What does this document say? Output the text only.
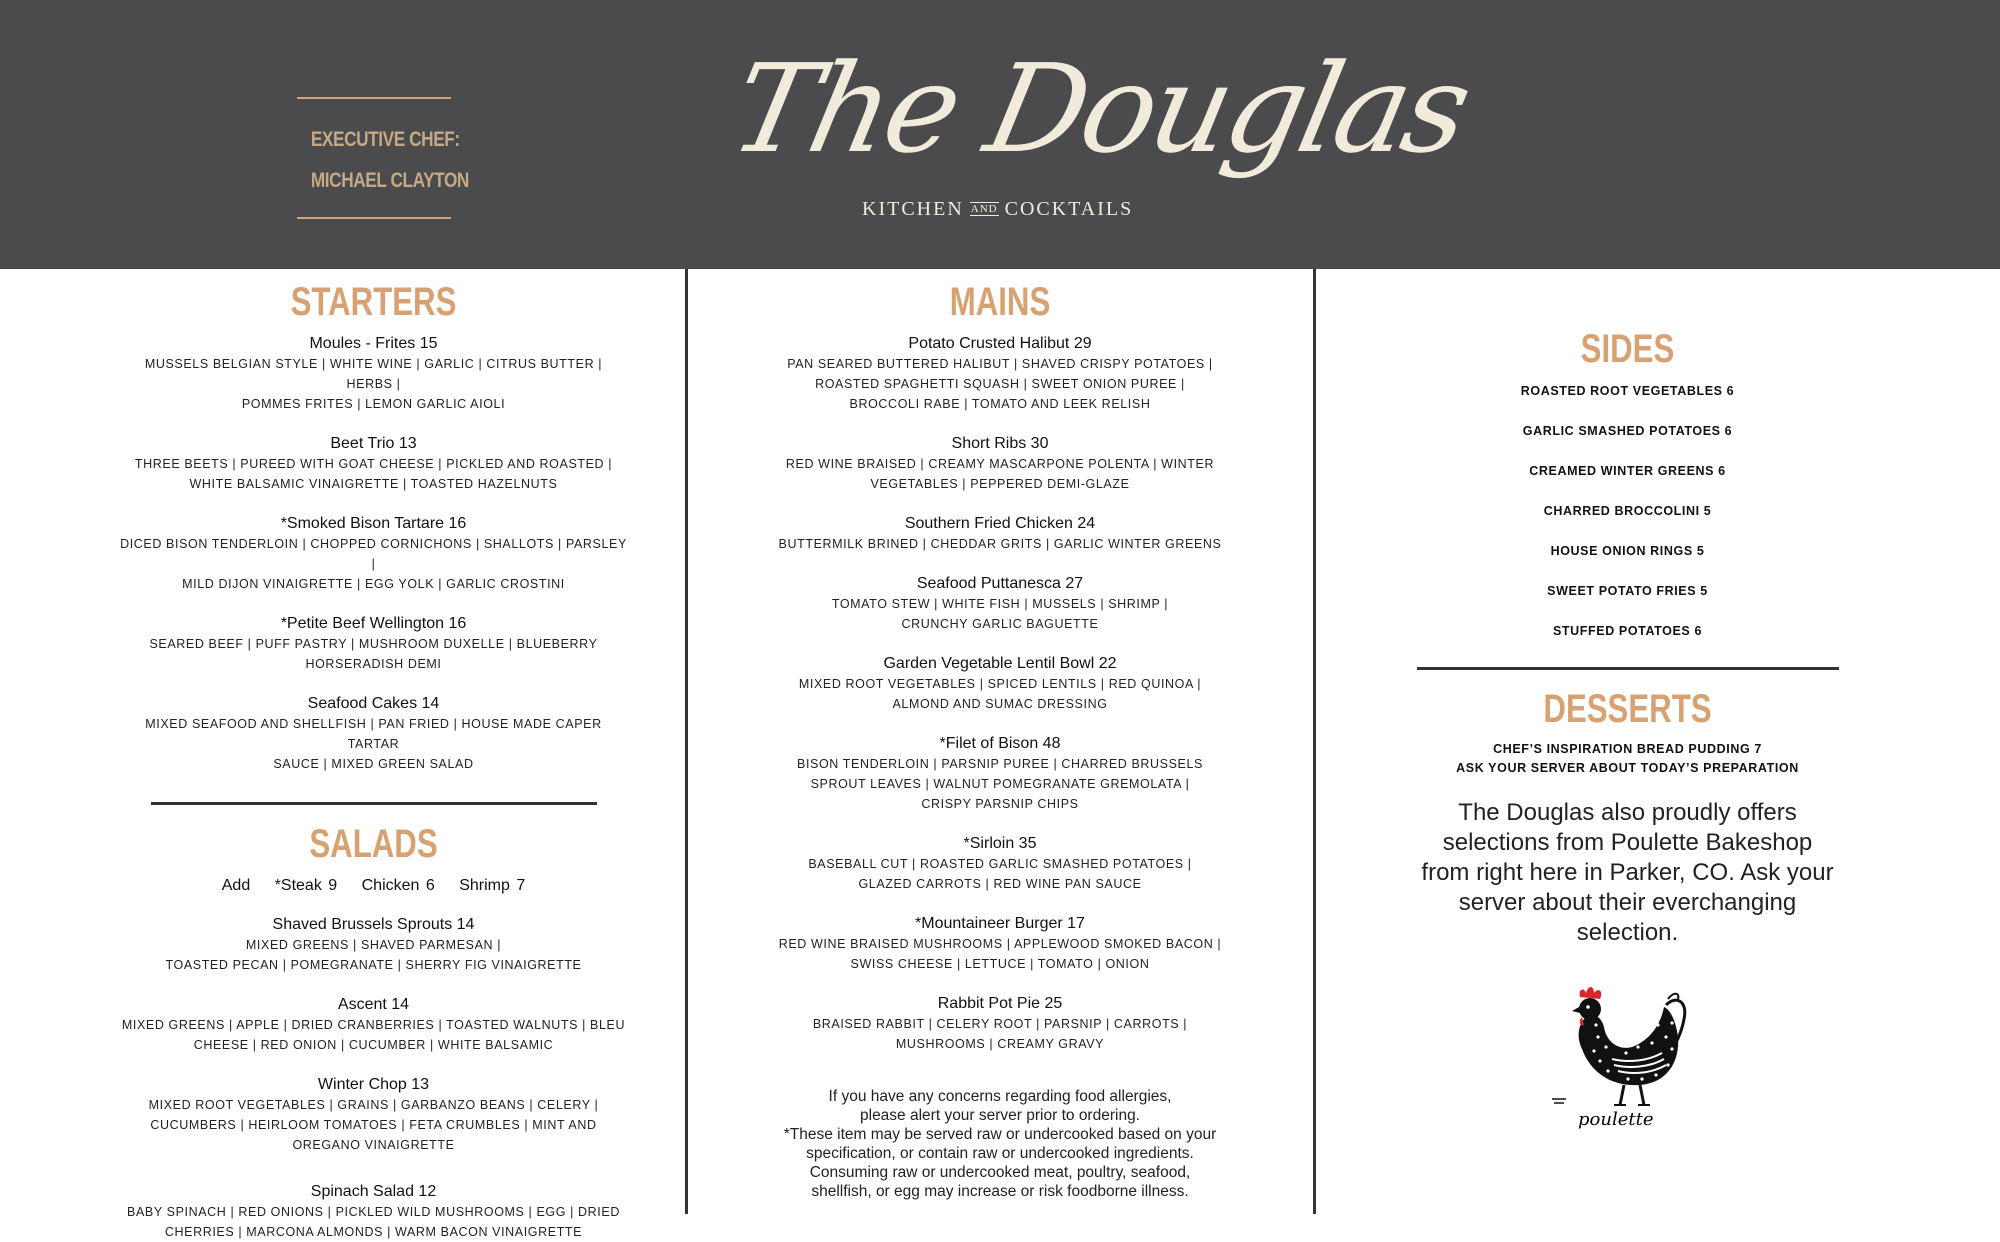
EXECUTIVE CHEF:
MICHAEL CLAYTON
The Douglas
KITCHEN AND COCKTAILS
STARTERS
Moules - Frites 15
MUSSELS BELGIAN STYLE | WHITE WINE | GARLIC | CITRUS BUTTER | HERBS |
POMMES FRITES | LEMON GARLIC AIOLI
Beet Trio 13
THREE BEETS | PUREED WITH GOAT CHEESE | PICKLED AND ROASTED |
WHITE BALSAMIC VINAIGRETTE | TOASTED HAZELNUTS
*Smoked Bison Tartare 16
DICED BISON TENDERLOIN | CHOPPED CORNICHONS | SHALLOTS | PARSLEY |
MILD DIJON VINAIGRETTE | EGG YOLK | GARLIC CROSTINI
*Petite Beef Wellington 16
SEARED BEEF | PUFF PASTRY | MUSHROOM DUXELLE | BLUEBERRY
HORSERADISH DEMI
Seafood Cakes 14
MIXED SEAFOOD AND SHELLFISH | PAN FRIED | HOUSE MADE CAPER TARTAR
SAUCE | MIXED GREEN SALAD
SALADS
Add *Steak 9 Chicken 6 Shrimp 7
Shaved Brussels Sprouts 14
MIXED GREENS | SHAVED PARMESAN |
TOASTED PECAN | POMEGRANATE | SHERRY FIG VINAIGRETTE
Ascent 14
MIXED GREENS | APPLE | DRIED CRANBERRIES | TOASTED WALNUTS | BLEU
CHEESE | RED ONION | CUCUMBER | WHITE BALSAMIC
Winter Chop 13
MIXED ROOT VEGETABLES | GRAINS | GARBANZO BEANS | CELERY |
CUCUMBERS | HEIRLOOM TOMATOES | FETA CRUMBLES | MINT AND
OREGANO VINAIGRETTE
Spinach Salad 12
BABY SPINACH | RED ONIONS | PICKLED WILD MUSHROOMS | EGG | DRIED
CHERRIES | MARCONA ALMONDS | WARM BACON VINAIGRETTE
MAINS
Potato Crusted Halibut 29
PAN SEARED BUTTERED HALIBUT | SHAVED CRISPY POTATOES |
ROASTED SPAGHETTI SQUASH | SWEET ONION PUREE |
BROCCOLI RABE | TOMATO AND LEEK RELISH
Short Ribs 30
RED WINE BRAISED | CREAMY MASCARPONE POLENTA | WINTER
VEGETABLES | PEPPERED DEMI-GLAZE
Southern Fried Chicken 24
BUTTERMILK BRINED | CHEDDAR GRITS | GARLIC WINTER GREENS
Seafood Puttanesca 27
TOMATO STEW | WHITE FISH | MUSSELS | SHRIMP |
CRUNCHY GARLIC BAGUETTE
Garden Vegetable Lentil Bowl 22
MIXED ROOT VEGETABLES | SPICED LENTILS | RED QUINOA |
ALMOND AND SUMAC DRESSING
*Filet of Bison 48
BISON TENDERLOIN | PARSNIP PUREE | CHARRED BRUSSELS
SPROUT LEAVES | WALNUT POMEGRANATE GREMOLATA |
CRISPY PARSNIP CHIPS
*Sirloin 35
BASEBALL CUT | ROASTED GARLIC SMASHED POTATOES |
GLAZED CARROTS | RED WINE PAN SAUCE
*Mountaineer Burger 17
RED WINE BRAISED MUSHROOMS | APPLEWOOD SMOKED BACON |
SWISS CHEESE | LETTUCE | TOMATO | ONION
Rabbit Pot Pie 25
BRAISED RABBIT | CELERY ROOT | PARSNIP | CARROTS |
MUSHROOMS | CREAMY GRAVY
If you have any concerns regarding food allergies,
please alert your server prior to ordering.
*These item may be served raw or undercooked based on your
specification, or contain raw or undercooked ingredients.
Consuming raw or undercooked meat, poultry, seafood,
shellfish, or egg may increase or risk foodborne illness.
SIDES
ROASTED ROOT VEGETABLES 6
GARLIC SMASHED POTATOES 6
CREAMED WINTER GREENS 6
CHARRED BROCCOLINI 5
HOUSE ONION RINGS 5
SWEET POTATO FRIES 5
STUFFED POTATOES 6
DESSERTS
CHEF’S INSPIRATION BREAD PUDDING 7
ASK YOUR SERVER ABOUT TODAY’S PREPARATION
The Douglas also proudly offers
selections from Poulette Bakeshop
from right here in Parker, CO. Ask your
server about their everchanging
selection.
poulette
